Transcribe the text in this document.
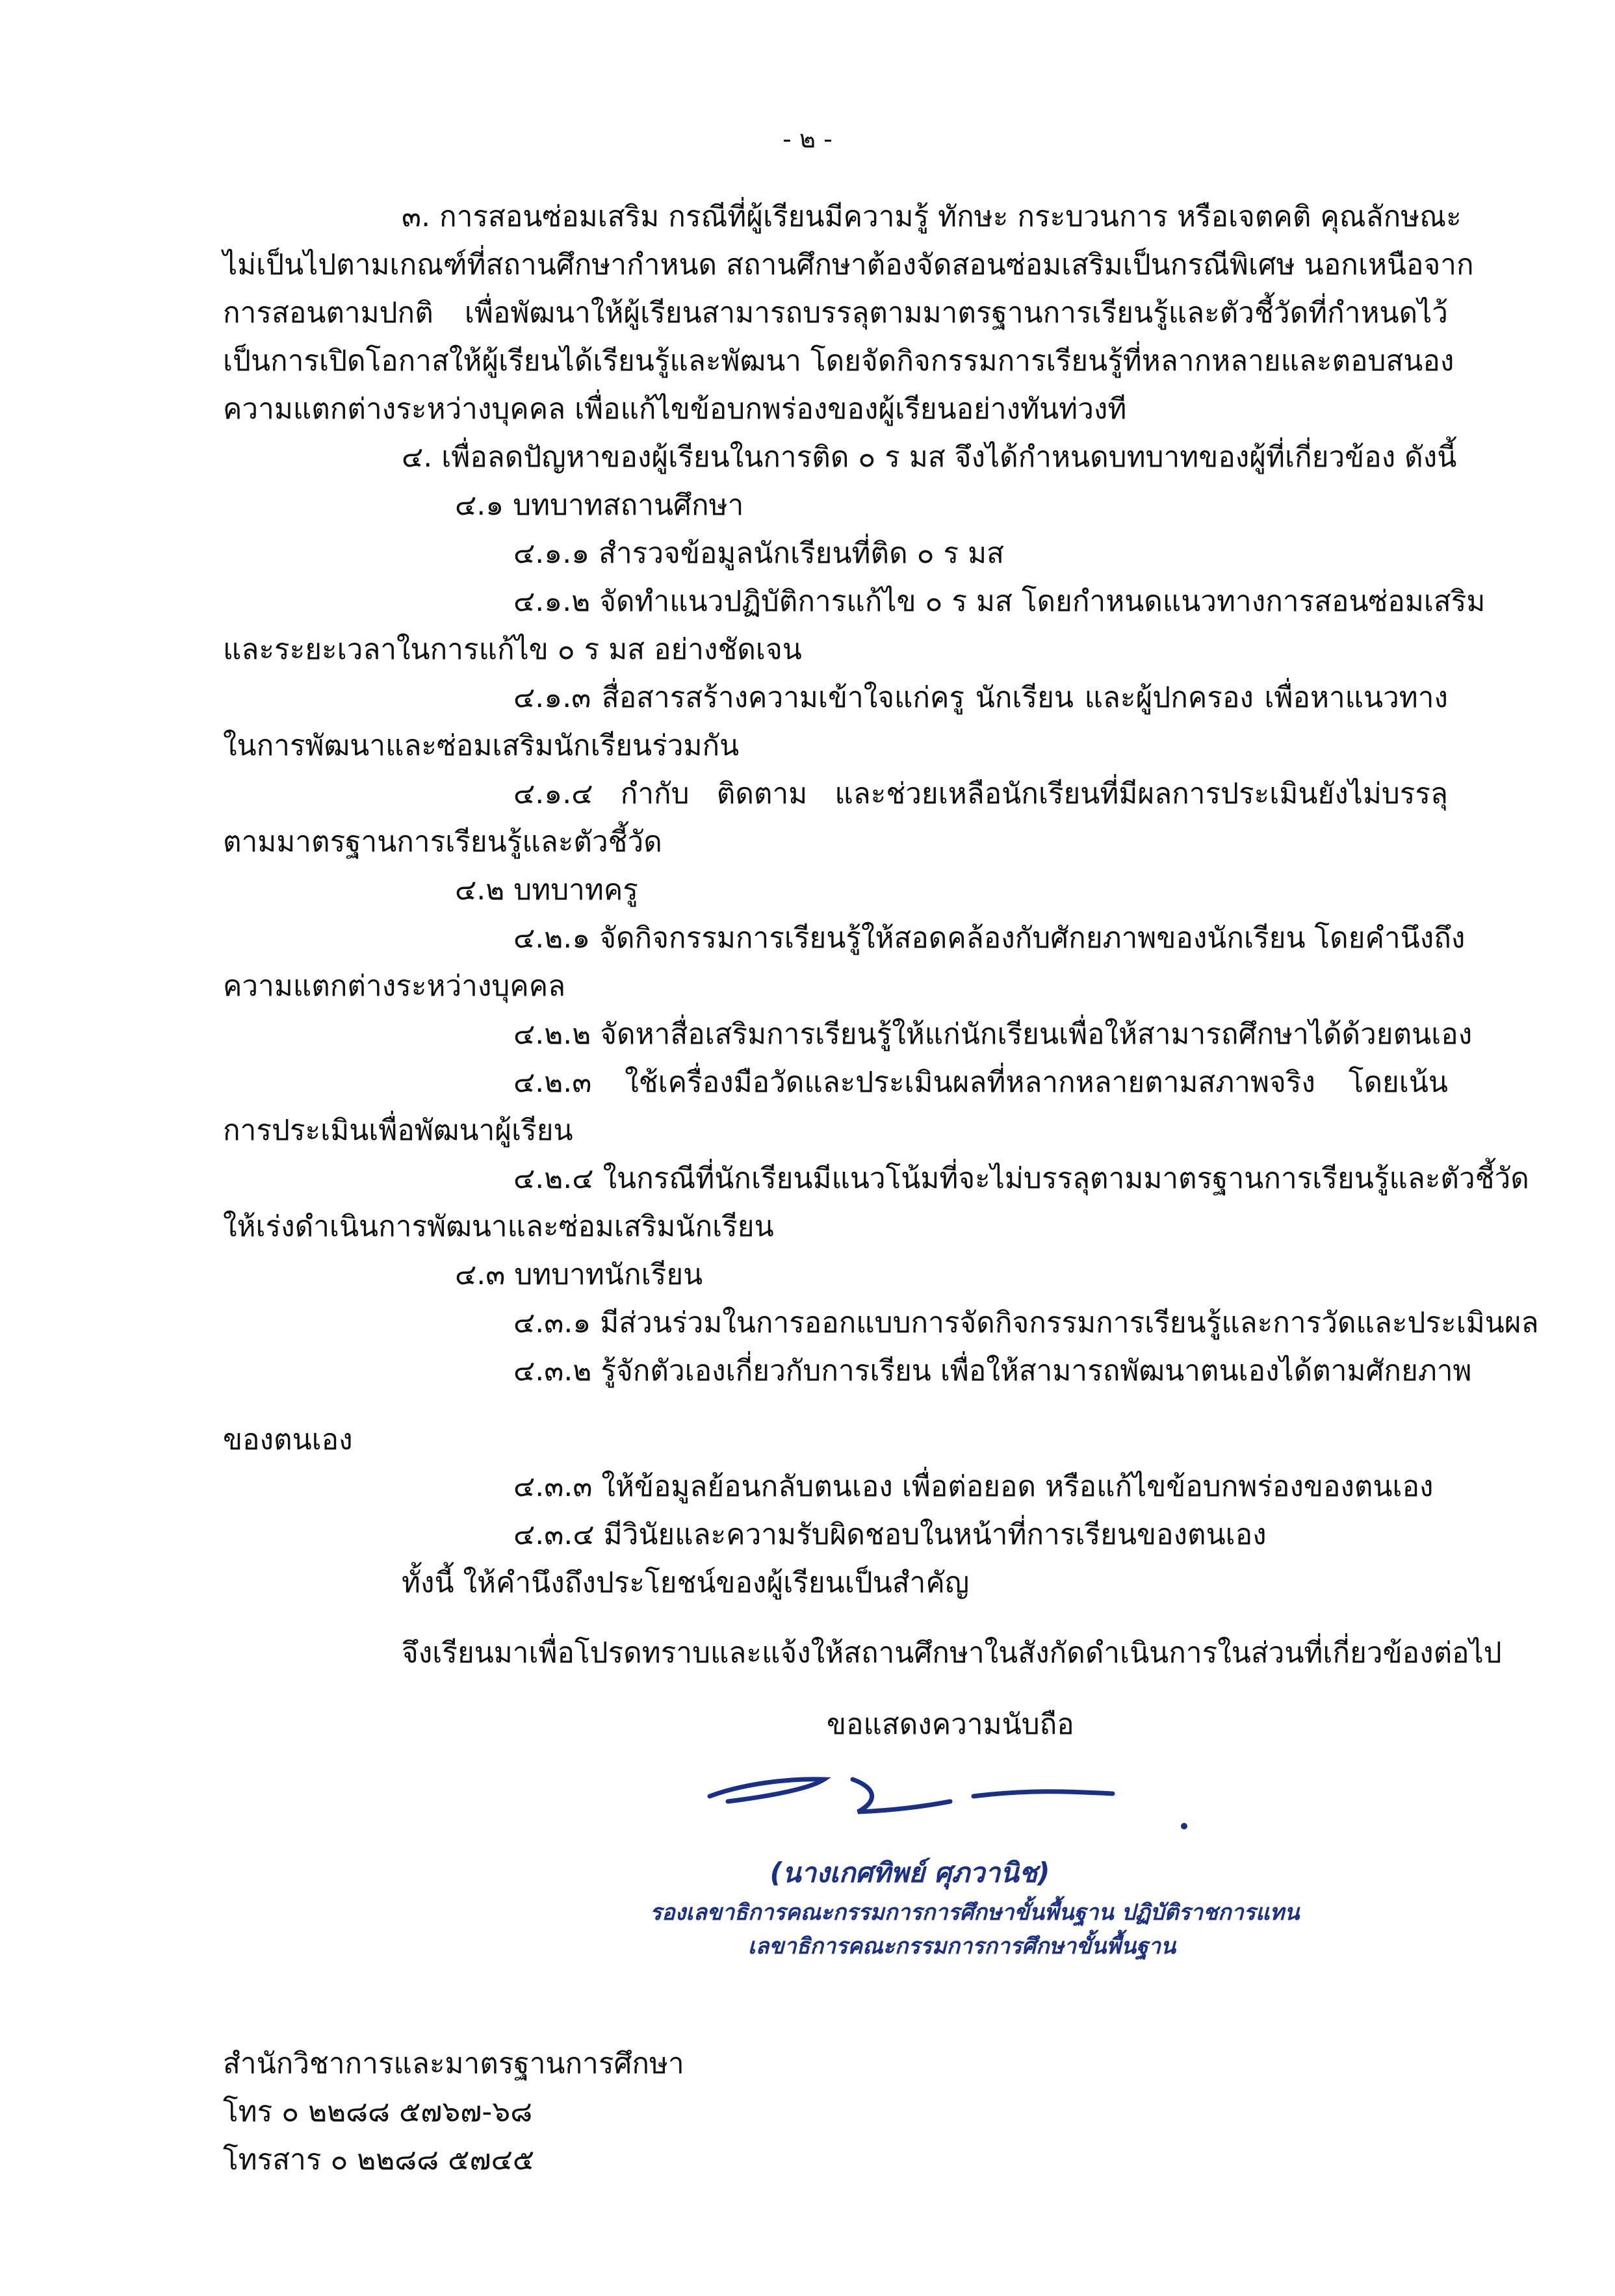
- ๒ -
๓. การสอนซ่อมเสริม กรณีที่ผู้เรียนมีความรู้ ทักษะ กระบวนการ หรือเจตคติ คุณลักษณะ
ไม่เป็นไปตามเกณฑ์ที่สถานศึกษากำหนด สถานศึกษาต้องจัดสอนซ่อมเสริมเป็นกรณีพิเศษ นอกเหนือจาก
การสอนตามปกติ เพื่อพัฒนาให้ผู้เรียนสามารถบรรลุตามมาตรฐานการเรียนรู้และตัวชี้วัดที่กำหนดไว้
เป็นการเปิดโอกาสให้ผู้เรียนได้เรียนรู้และพัฒนา โดยจัดกิจกรรมการเรียนรู้ที่หลากหลายและตอบสนอง
ความแตกต่างระหว่างบุคคล เพื่อแก้ไขข้อบกพร่องของผู้เรียนอย่างทันท่วงที
๔. เพื่อลดปัญหาของผู้เรียนในการติด ๐ ร มส จึงได้กำหนดบทบาทของผู้ที่เกี่ยวข้อง ดังนี้
๔.๑ บทบาทสถานศึกษา
๔.๑.๑ สำรวจข้อมูลนักเรียนที่ติด ๐ ร มส
๔.๑.๒ จัดทำแนวปฏิบัติการแก้ไข ๐ ร มส โดยกำหนดแนวทางการสอนซ่อมเสริม
และระยะเวลาในการแก้ไข ๐ ร มส อย่างชัดเจน
๔.๑.๓ สื่อสารสร้างความเข้าใจแก่ครู นักเรียน และผู้ปกครอง เพื่อหาแนวทาง
ในการพัฒนาและซ่อมเสริมนักเรียนร่วมกัน
๔.๑.๔ กำกับ ติดตาม และช่วยเหลือนักเรียนที่มีผลการประเมินยังไม่บรรลุ
ตามมาตรฐานการเรียนรู้และตัวชี้วัด
๔.๒ บทบาทครู
๔.๒.๑ จัดกิจกรรมการเรียนรู้ให้สอดคล้องกับศักยภาพของนักเรียน โดยคำนึงถึง
ความแตกต่างระหว่างบุคคล
๔.๒.๒ จัดหาสื่อเสริมการเรียนรู้ให้แก่นักเรียนเพื่อให้สามารถศึกษาได้ด้วยตนเอง
๔.๒.๓ ใช้เครื่องมือวัดและประเมินผลที่หลากหลายตามสภาพจริง โดยเน้น
การประเมินเพื่อพัฒนาผู้เรียน
๔.๒.๔ ในกรณีที่นักเรียนมีแนวโน้มที่จะไม่บรรลุตามมาตรฐานการเรียนรู้และตัวชี้วัด
ให้เร่งดำเนินการพัฒนาและซ่อมเสริมนักเรียน
๔.๓ บทบาทนักเรียน
๔.๓.๑ มีส่วนร่วมในการออกแบบการจัดกิจกรรมการเรียนรู้และการวัดและประเมินผล
๔.๓.๒ รู้จักตัวเองเกี่ยวกับการเรียน เพื่อให้สามารถพัฒนาตนเองได้ตามศักยภาพ
ของตนเอง
๔.๓.๓ ให้ข้อมูลย้อนกลับตนเอง เพื่อต่อยอด หรือแก้ไขข้อบกพร่องของตนเอง
๔.๓.๔ มีวินัยและความรับผิดชอบในหน้าที่การเรียนของตนเอง
ทั้งนี้ ให้คำนึงถึงประโยชน์ของผู้เรียนเป็นสำคัญ
จึงเรียนมาเพื่อโปรดทราบและแจ้งให้สถานศึกษาในสังกัดดำเนินการในส่วนที่เกี่ยวข้องต่อไป
ขอแสดงความนับถือ
(นางเกศทิพย์ ศุภวานิช)
รองเลขาธิการคณะกรรมการการศึกษาขั้นพื้นฐาน ปฏิบัติราชการแทน
เลขาธิการคณะกรรมการการศึกษาขั้นพื้นฐาน
สำนักวิชาการและมาตรฐานการศึกษา
โทร ๐ ๒๒๘๘ ๕๗๖๗-๖๘
โทรสาร ๐ ๒๒๘๘ ๕๗๔๕
